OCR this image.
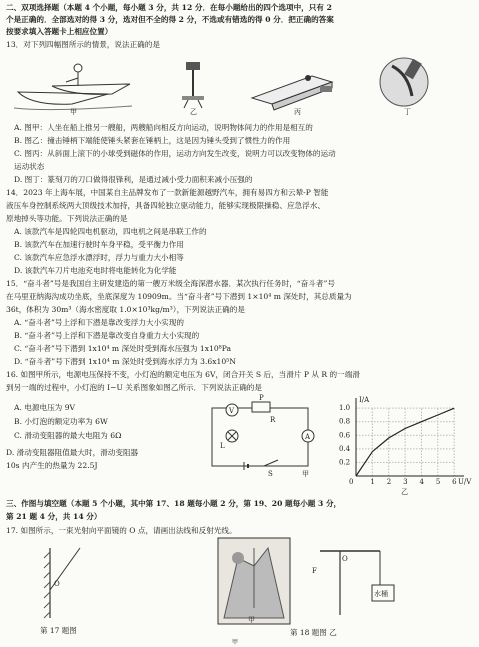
二、双项选择题（本题 4 个小题，每小题 3 分，共 12 分．在每小题给出的四个选项中，只有 2
个是正确的．全部选对的得 3 分，选对但不全的得 2 分，不选或有错选的得 0 分．把正确的答案
按要求填入答题卡上相应位置）
13．对下列四幅图所示的情景，说法正确的是
甲	乙	丙	丁
A. 图甲：人坐在船上推另一艘船，两艘船向相反方向运动，说明物体间力的作用是相互的
B. 图乙：撞击锤柄下端能使锤头紧套在锤柄上，这是因为锤头受到了惯性力的作用
C. 图丙：从斜面上滚下的小球受到磁体的作用，运动方向发生改变，说明力可以改变物体的运动
运动状态
D. 图丁：篆刻刀的刀口做得很锋利，是通过减小受力面积来减小压强的
14．2023 年上海车展，中国某自主品牌发布了一款新能源越野汽车，拥有易四方和云辇-P 智能
液压车身控制系统两大顶级技术加持，具备四轮独立驱动能力，能够实现极限操稳、应急浮水、
原地掉头等功能。下列说法正确的是
A. 该款汽车是四轮四电机驱动，四电机之间是串联工作的
B. 该款汽车在加速行驶时车身平稳，受平衡力作用
C. 该款汽车应急浮水漂浮时，浮力与重力大小相等
D. 该款汽车刀片电池充电时将电能转化为化学能
15．“奋斗者”号是我国自主研发建造的第一艘万米级全海深潜水器．某次执行任务时，“奋斗者”号
在马里亚纳海沟成功坐底，坐底深度为 10909m。当“奋斗者”号下潜到 1×10⁴ m 深处时，其总质量为
36t，体积为 30m³（海水密度取 1.0×10³kg/m³），下列说法正确的是
A. “奋斗者”号上浮和下潜是靠改变浮力大小实现的
B. “奋斗者”号上浮和下潜是靠改变自身重力大小实现的
C. “奋斗者”号下潜到 1x10⁴ m 深处时受到海水压强为 1x10⁸Pa
D. “奋斗者”号下潜到 1x10⁴ m 深处时受到海水浮力为 3.6x10⁵N
16. 如图甲所示，电源电压保持不变，小灯泡的额定电压为 6V，闭合开关 S 后，当滑片 P 从 R 的一端滑
到另一端的过程中，小灯泡的 I−U 关系图象如图乙所示．下列说法正确的是
A. 电源电压为 9V
B. 小灯泡的额定功率为 6W
C. 滑动变阻器的最大电阻为 6Ω
D. 滑动变阻器阻值最大时，滑动变阻器
10s 内产生的热量为 22.5J
P
R
V
A
L
S	甲
1 2 3 4 5 6
0.2
0.4
0.6
0.8
1.0
U/V
I/A
0
乙
三、作图与填空题（本题 5 个小题，其中第 17、18 题每小题 2 分，第 19、20 题每小题 3 分，
第 21 题 4 分，共 14 分）
17. 如图所示，一束光射向平面镜的 O 点，请画出法线和反射光线。
O
第 17 题图
甲
水桶
F
O
第 18 题图 乙
甲
